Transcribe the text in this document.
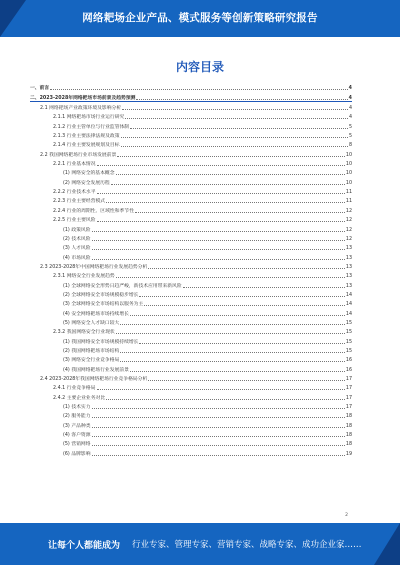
网络耙场企业产品、模式服务等创新策略研究报告
内容目录
一、前言	4
二、2023-2028年网络耙场市场前景及趋势预测	4
2.1 网络耙场产业政策环境及影响分析	4
2.1.1 网络耙场市场行业运行研究	4
2.1.2 行业主管单位与行业监管体制	5
2.1.3 行业主要法律法规及政策	5
2.1.4 行业主要发展规划及目标	8
2.2 我国网络耙场行业市场发展前景	10
2.2.1 行业基本情况	10
(1) 网络安全的基本概念	10
(2) 网络安全发展历程	10
2.2.2 行业技术水平	11
2.2.3 行业主要经营模式	11
2.2.4 行业的周期性、区域性和季节性	12
2.2.5 行业主要风险	12
(1) 政策风险	12
(2) 技术风险	12
(3) 人才风险	13
(4) 市场风险	13
2.3 2023-2028年中国网络耙场行业发展趋势分析	13
2.3.1 网络安全行业发展趋势	13
(1) 全球网络安全形势日趋严峻，新技术应用带来新风险	13
(2) 全球网络安全市场规模稳步增长	14
(3) 全球网络安全市场结构以服务为主	14
(4) 安全网络耙场市场持续增长	14
(5) 网络安全人才缺口较大	15
2.3.2 我国网络安全行业现状	15
(1) 我国网络安全市场规模持续增长	15
(2) 我国网络耙场市场结构	15
(3) 网络安全行业竞争格局	16
(4) 我国网络耙场行业发展前景	16
2.4 2023-2028年我国网络耙场行业竞争格局分析	17
2.4.1 行业竞争格局	17
2.4.2 主要企业业务对比	17
(1) 技术实力	17
(2) 服务能力	18
(3) 产品种类	18
(4) 客户资源	18
(5) 营销网络	18
(6) 品牌影响	19
2
让每个人都能成为 行业专家、管理专家、营销专家、战略专家、成功企业家……
